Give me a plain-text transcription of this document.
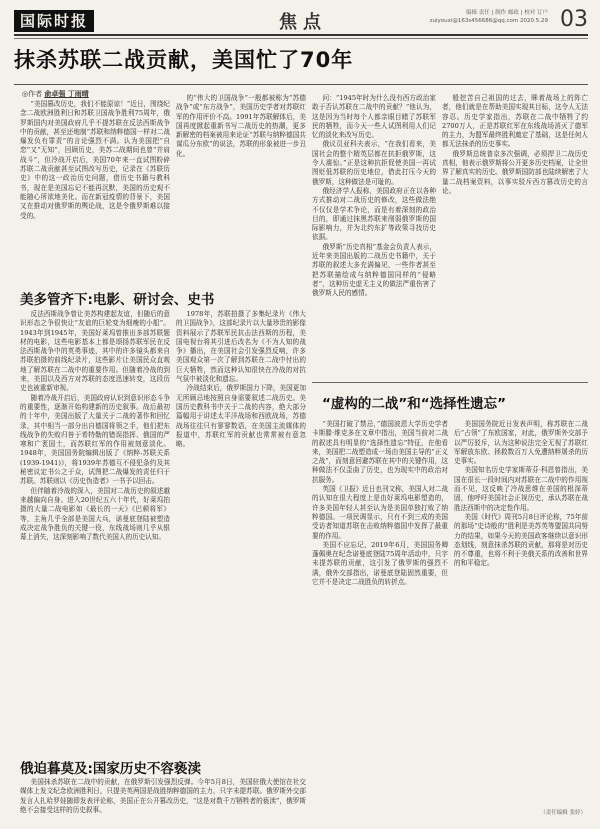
国际时报	焦点	编辑 责任 | 制作 邮政 | 校对 订户
zuiyouxi@163s456686@qq.com 2020.5.29 03
抹杀苏联二战贡献，美国忙了70年
◎作者 俞卓强 丁雨晴

“美国篡改历史，我们不能原谅！”近日，围绕纪念二战欧洲胜利日和苏联卫国战争胜利75周年，俄罗斯国内对美国政府几乎不提苏联在反法西斯战争中的贡献，甚至还炮制“苏联和纳粹德国一样对二战爆发负有罪责”的言论强烈不满。认为美国把“自恋”又“无知”，回顾历史，美苏二战期间也曾“并肩战斗”，但冷战开启后，美国70年来一直试图粉碎苏联二战贡献甚至试图改写历史，记录在《苏联历史》中的这一政治历史问题，借历史书籍与教科书，现在是美国忘记不能再沉默，美国的历史观不能随心所欲地美化。而在新冠疫情的背景下，美国又在推动对俄罗斯的舆论战，这是令俄罗斯难以接受的。

美多管齐下:电影、研讨会、史书

反法西斯战争曾让美苏构建起友谊，但随后的意识形态之争很快让“友谊的巨轮变为细瘦的小船”。1943年到1945年，美国好莱坞曾推出多部苏联题材的电影，这些电影基本上都是颂扬苏联军民在反法西斯战争中的英勇事迹，其中的许多镜头都来自苏联拍摄的前线纪录片，这些影片让美国民众直观地了解苏联在二战中的重要作用。但随着冷战的到来，美国以及西方对苏联的态度迅速转变，这段历史也被重新审视。

随着冷战开启后，美国政府认识到意识形态斗争的重要性，逐渐开始构建新的历史叙事。战后最初的十年中，美国出版了大量关于二战的著作和回忆录，其中相当一部分出自德国将领之手，他们把东线战争的失败归咎于希特勒的错误指挥、俄国的严寒和广袤国土，而苏联红军的作用被刻意淡化。1948年，美国国务院编辑出版了《纳粹-苏联关系(1939-1941)》，将1939年苏德互不侵犯条约及其秘密议定书公之于众，试图把二战爆发的责任归于苏联。苏联则以《历史伪造者》一书予以回击。

但伴随着冷战的深入，美国对二战历史的叙述越来越偏向自身。进入20世纪五六十年代，好莱坞拍摄的大量二战电影如《最长的一天》《巴顿将军》等，主角几乎全部是美国大兵，诺曼底登陆被塑造成决定战争胜负的关键一役，东线战场则几乎从银幕上消失，这深刻影响了数代美国人的历史认知。

的“伟大的卫国战争”一般都被称为“苏德战争”或“东方战争”，美国历史学者对苏联红军的作用评价不高。1991年苏联解体后，美国再度掀起重新书写二战历史的热潮，更多新解密的档案被用来论证“苏联与纳粹德国共谋瓜分东欧”的说法，苏联的形象被进一步丑化。

1978年，苏联拍摄了多集纪录片《伟大的卫国战争》，这部纪录片以大量珍贵的影像资料展示了苏联军民抗击法西斯的历程，美国电视台将其引进后改名为《不为人知的战争》播出，在美国社会引发强烈反响，许多美国观众第一次了解到苏联在二战中付出的巨大牺牲，然而这种认知很快在冷战的对抗气氛中被淡化和遗忘。

冷战结束后，俄罗斯国力下降，美国更加无所顾忌地按照自身需要叙述二战历史。美国历史教科书中关于二战的内容，绝大部分篇幅用于讲述太平洋战场和西欧战场，苏德战场往往只有寥寥数语，在美国主流媒体的报道中，苏联红军的贡献也常常被有意忽略。

俄迫暮莫及:国家历史不容亵渎

美国抹杀苏联在二战中的贡献，在俄罗斯引发强烈反弹。今年5月8日，美国驻俄大使馆在社交媒体上发文纪念欧洲胜利日，只提美英两国是战胜纳粹德国的主力，只字未提苏联。俄罗斯外交部发言人扎哈罗娃随即发表评论称，美国正在公开篡改历史，“这是对数千万牺牲者的亵渎”，俄罗斯绝不会接受这样的历史叙事。

问：“1945年时为什么没有西方政治家敢于否认苏联在二战中的贡献？”他认为，这是因为当时每个人都亲眼目睹了苏联军民的牺牲，而今天一些人试图利用人们记忆的淡化来改写历史。

俄议员亚科夫表示，“在我们看来，美国社会的整个精英层都在抗拒俄罗斯，这令人震惊。”正是这种抗拒促使美国一再试图贬低苏联的历史地位，借此打压今天的俄罗斯，这种做法是可耻的。

俄经济学人报称，美国政府正在以各种方式推动对二战历史的修改，这些做法绝不仅仅是学术争论，而是有着深刻的政治目的，即通过抹黑苏联来削弱俄罗斯的国际影响力，并为北约东扩等政策寻找历史依据。

俄罗斯“历史真相”基金会负责人表示，近年来美国出版的二战历史书籍中，关于苏联的叙述大多充满偏见，一些作者甚至把苏联描绘成与纳粹德国同样的“侵略者”，这种历史虚无主义的做法严重伤害了俄罗斯人民的感情。

般挖苦自己祖国的过去，眯着战场上的阵亡者，他们就是在帮助美国实现其目标，这令人无法容忍。历史学家指出，苏联在二战中牺牲了约2700万人，正是苏联红军在东线战场消灭了德军的主力，为盟军最终胜利奠定了基础，这是任何人都无法抹杀的历史事实。

俄罗斯总统普京多次强调，必须捍卫二战历史真相，他表示俄罗斯将公开更多历史档案，让全世界了解真实的历史。俄罗斯国防部也陆续解密了大量二战档案资料，以事实驳斥西方篡改历史的言论。

“虚构的二战”和“选择性遗忘”

“美国打破了禁忌，”德国波恩大学历史学者卡斯滕·维克多在文章中指出，美国当前对二战的叙述具有明显的“选择性遗忘”特征，在他看来，美国把二战塑造成一场由美国主导的“正义之战”，而刻意回避苏联在其中的关键作用，这种做法不仅歪曲了历史，也为现实中的政治对抗服务。

英国《卫报》近日也刊文称，美国人对二战的认知在很大程度上是由好莱坞电影塑造的，许多美国年轻人甚至认为是美国单独打败了纳粹德国。一项民调显示，只有不到三成的美国受访者知道苏联在击败纳粹德国中发挥了最重要的作用。

美国不应忘记，2019年6月，美国国务卿蓬佩奥在纪念诺曼底登陆75周年活动中，只字未提苏联的贡献，这引发了俄罗斯的强烈不满，俄外交部指出，诺曼底登陆固然重要，但它并不是决定二战胜负的转折点。

美国国务院近日发表声明，称苏联在二战后“占领”了东欧国家，对此，俄罗斯外交部予以严厉驳斥，认为这种说法完全无视了苏联红军解放东欧、拯救数百万人免遭纳粹屠杀的历史事实。

美国知名历史学家斯蒂芬·科恩曾指出，美国在很长一段时间内对苏联在二战中的作用视而不见，这反映了冷战思维在美国的根深蒂固，他呼吁美国社会正视历史，承认苏联在战胜法西斯中的决定性作用。

美国《时代》周刊5月8日评论称，75年前的那场“史诗般的”胜利是美苏英等盟国共同努力的结果，如果今天的美国政客继续以意识形态划线，刻意抹杀苏联的贡献，那将是对历史的不尊重，也将不利于美俄关系的改善和世界的和平稳定。

（责任编辑 张婷）
